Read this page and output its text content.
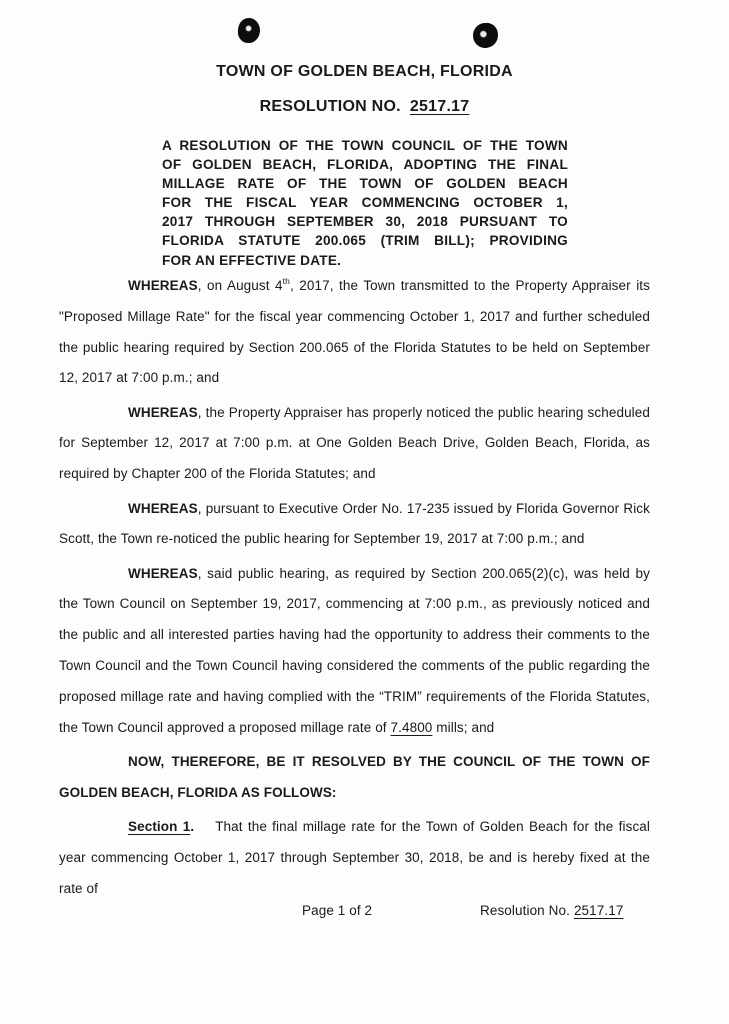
TOWN OF GOLDEN BEACH, FLORIDA
RESOLUTION NO. 2517.17
A RESOLUTION OF THE TOWN COUNCIL OF THE TOWN
OF GOLDEN BEACH, FLORIDA, ADOPTING THE FINAL
MILLAGE RATE OF THE TOWN OF GOLDEN BEACH
FOR THE FISCAL YEAR COMMENCING OCTOBER 1,
2017 THROUGH SEPTEMBER 30, 2018 PURSUANT TO
FLORIDA STATUTE 200.065 (TRIM BILL); PROVIDING
FOR AN EFFECTIVE DATE.

WHEREAS, on August 4th, 2017, the Town transmitted to the Property Appraiser its "Proposed Millage Rate" for the fiscal year commencing October 1, 2017 and further scheduled the public hearing required by Section 200.065 of the Florida Statutes to be held on September 12, 2017 at 7:00 p.m.; and

WHEREAS, the Property Appraiser has properly noticed the public hearing scheduled for September 12, 2017 at 7:00 p.m. at One Golden Beach Drive, Golden Beach, Florida, as required by Chapter 200 of the Florida Statutes; and

WHEREAS, pursuant to Executive Order No. 17-235 issued by Florida Governor Rick Scott, the Town re-noticed the public hearing for September 19, 2017 at 7:00 p.m.; and

WHEREAS, said public hearing, as required by Section 200.065(2)(c), was held by the Town Council on September 19, 2017, commencing at 7:00 p.m., as previously noticed and the public and all interested parties having had the opportunity to address their comments to the Town Council and the Town Council having considered the comments of the public regarding the proposed millage rate and having complied with the “TRIM” requirements of the Florida Statutes, the Town Council approved a proposed millage rate of 7.4800 mills; and

NOW, THEREFORE, BE IT RESOLVED BY THE COUNCIL OF THE TOWN OF
GOLDEN BEACH, FLORIDA AS FOLLOWS:

Section 1. That the final millage rate for the Town of Golden Beach for the fiscal year commencing October 1, 2017 through September 30, 2018, be and is hereby fixed at the rate of

Page 1 of 2	Resolution No. 2517.17
